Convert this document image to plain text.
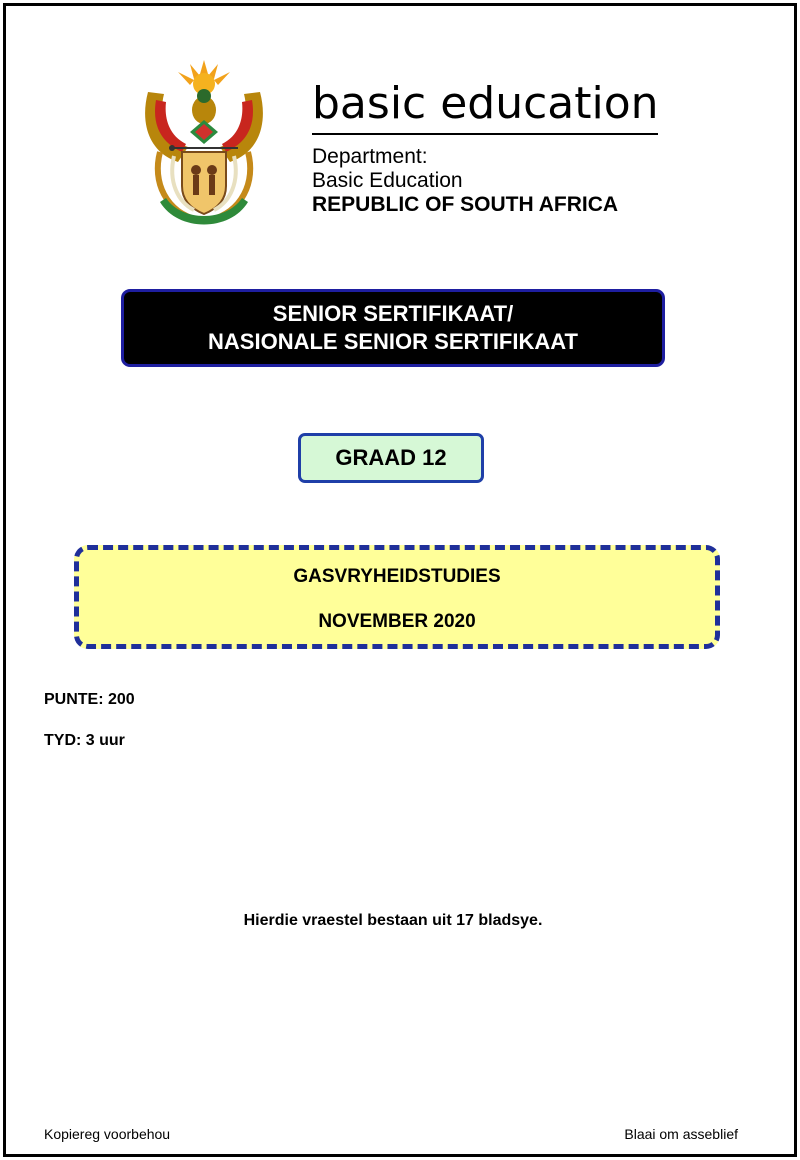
basic education
Department:
Basic Education
REPUBLIC OF SOUTH AFRICA
SENIOR SERTIFIKAAT/
NASIONALE SENIOR SERTIFIKAAT
GRAAD 12
GASVRYHEIDSTUDIES
NOVEMBER 2020
PUNTE: 200
TYD: 3 uur
Hierdie vraestel bestaan uit 17 bladsye.
Kopiereg voorbehou	Blaai om asseblief
